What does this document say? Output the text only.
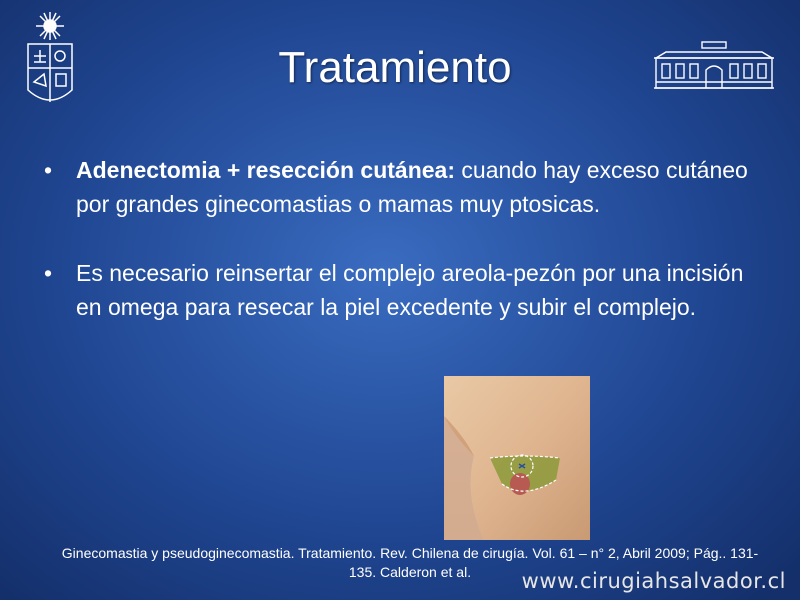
Tratamiento
• Adenectomia + resección cutánea: cuando hay exceso cutáneo por grandes ginecomastias o mamas muy ptosicas.
• Es necesario reinsertar el complejo areola-pezón por una incisión en omega para resecar la piel excedente y subir el complejo.
Ginecomastia y pseudoginecomastia. Tratamiento. Rev. Chilena de cirugía. Vol. 61 – n° 2, Abril 2009; Pág.. 131- 135. Calderon et al.	www.cirugiahsalvador.cl
